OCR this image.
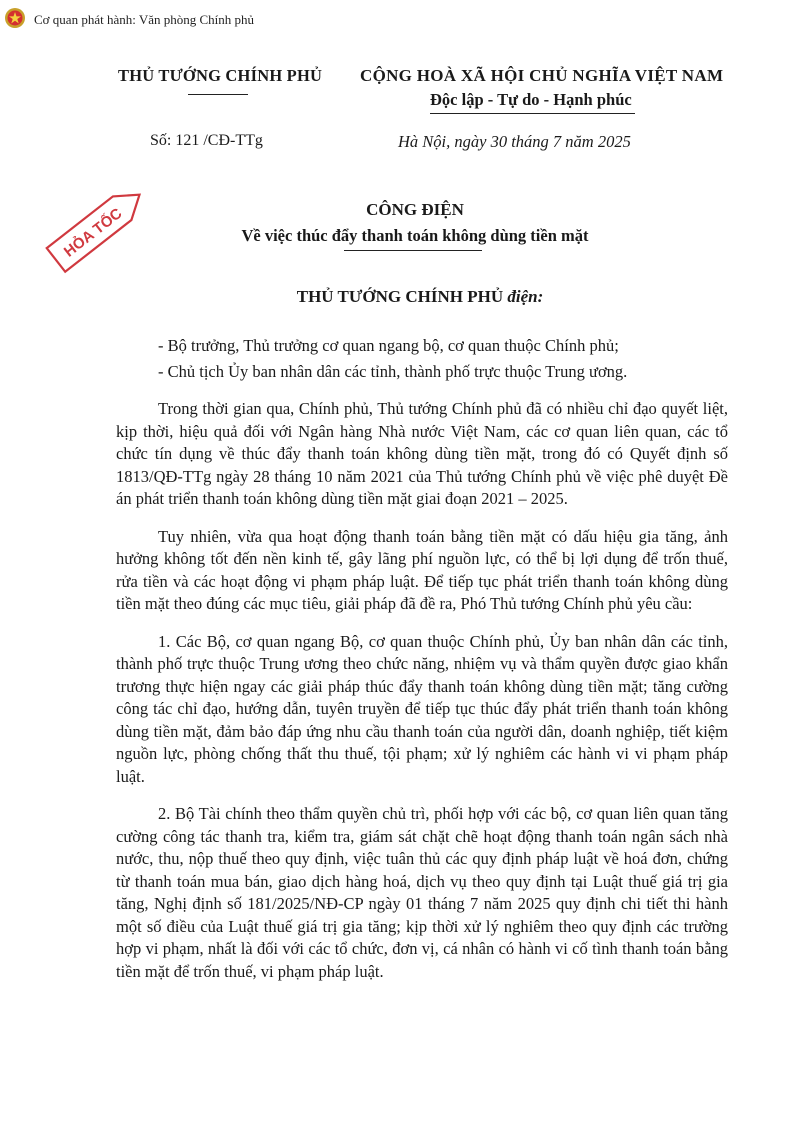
Cơ quan phát hành: Văn phòng Chính phủ
THỦ TƯỚNG CHÍNH PHỦ	CỘNG HOÀ XÃ HỘI CHỦ NGHĨA VIỆT NAM
Độc lập - Tự do - Hạnh phúc
Số: 121 /CĐ-TTg	Hà Nội, ngày 30 tháng 7 năm 2025
HỎA TỐC	CÔNG ĐIỆN
Về việc thúc đẩy thanh toán không dùng tiền mặt
THỦ TƯỚNG CHÍNH PHỦ điện:
- Bộ trưởng, Thủ trưởng cơ quan ngang bộ, cơ quan thuộc Chính phủ;
- Chủ tịch Ủy ban nhân dân các tỉnh, thành phố trực thuộc Trung ương.

Trong thời gian qua, Chính phủ, Thủ tướng Chính phủ đã có nhiều chỉ đạo quyết liệt, kịp thời, hiệu quả đối với Ngân hàng Nhà nước Việt Nam, các cơ quan liên quan, các tổ chức tín dụng về thúc đẩy thanh toán không dùng tiền mặt, trong đó có Quyết định số 1813/QĐ-TTg ngày 28 tháng 10 năm 2021 của Thủ tướng Chính phủ về việc phê duyệt Đề án phát triển thanh toán không dùng tiền mặt giai đoạn 2021 – 2025.

Tuy nhiên, vừa qua hoạt động thanh toán bằng tiền mặt có dấu hiệu gia tăng, ảnh hưởng không tốt đến nền kinh tế, gây lãng phí nguồn lực, có thể bị lợi dụng để trốn thuế, rửa tiền và các hoạt động vi phạm pháp luật. Để tiếp tục phát triển thanh toán không dùng tiền mặt theo đúng các mục tiêu, giải pháp đã đề ra, Phó Thủ tướng Chính phủ yêu cầu:

1. Các Bộ, cơ quan ngang Bộ, cơ quan thuộc Chính phủ, Ủy ban nhân dân các tỉnh, thành phố trực thuộc Trung ương theo chức năng, nhiệm vụ và thẩm quyền được giao khẩn trương thực hiện ngay các giải pháp thúc đẩy thanh toán không dùng tiền mặt; tăng cường công tác chỉ đạo, hướng dẫn, tuyên truyền để tiếp tục thúc đẩy phát triển thanh toán không dùng tiền mặt, đảm bảo đáp ứng nhu cầu thanh toán của người dân, doanh nghiệp, tiết kiệm nguồn lực, phòng chống thất thu thuế, tội phạm; xử lý nghiêm các hành vi vi phạm pháp luật.

2. Bộ Tài chính theo thẩm quyền chủ trì, phối hợp với các bộ, cơ quan liên quan tăng cường công tác thanh tra, kiểm tra, giám sát chặt chẽ hoạt động thanh toán ngân sách nhà nước, thu, nộp thuế theo quy định, việc tuân thủ các quy định pháp luật về hoá đơn, chứng từ thanh toán mua bán, giao dịch hàng hoá, dịch vụ theo quy định tại Luật thuế giá trị gia tăng, Nghị định số 181/2025/NĐ-CP ngày 01 tháng 7 năm 2025 quy định chi tiết thi hành một số điều của Luật thuế giá trị gia tăng; kịp thời xử lý nghiêm theo quy định các trường hợp vi phạm, nhất là đối với các tổ chức, đơn vị, cá nhân có hành vi cố tình thanh toán bằng tiền mặt để trốn thuế, vi phạm pháp luật.
